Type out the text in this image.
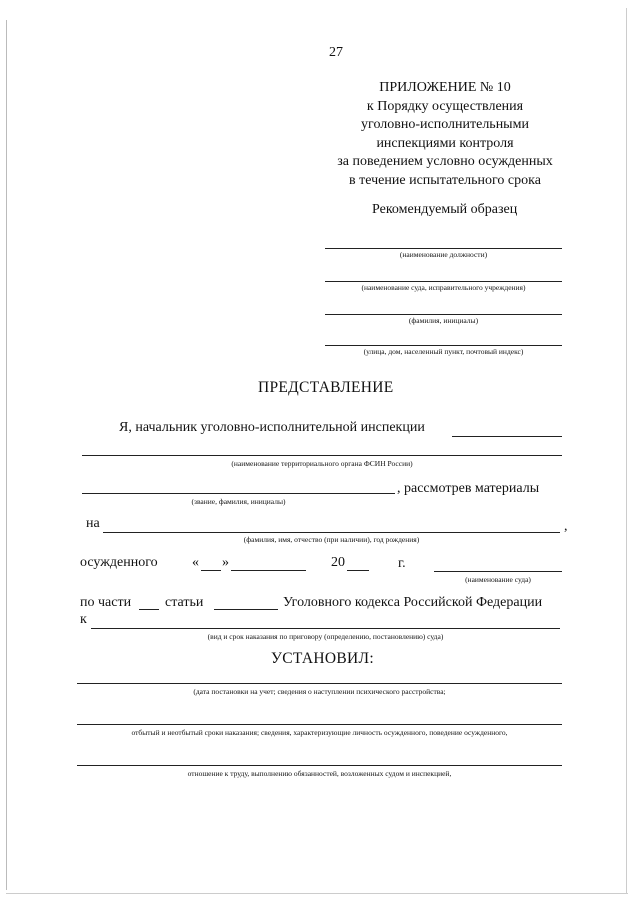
27
ПРИЛОЖЕНИЕ № 10
к Порядку осуществления
уголовно-исполнительными
инспекциями контроля
за поведением условно осужденных
в течение испытательного срока
Рекомендуемый образец
(наименование должности)
(наименование суда, исправительного учреждения)
(фамилия, инициалы)
(улица, дом, населенный пункт, почтовый индекс)
ПРЕДСТАВЛЕНИЕ
Я, начальник уголовно-исполнительной инспекции
(наименование территориального органа ФСИН России)
, рассмотрев материалы
(звание, фамилия, инициалы)
на	,
(фамилия, имя, отчество (при наличии), год рождения)
осужденного « »	20	г.
(наименование суда)
по части статьи	Уголовного кодекса Российской Федерации
к
(вид и срок наказания по приговору (определению, постановлению) суда)
УСТАНОВИЛ:
(дата постановки на учет; сведения о наступлении психического расстройства;
отбытый и неотбытый сроки наказания; сведения, характеризующие личность осужденного, поведение осужденного,
отношение к труду, выполнению обязанностей, возложенных судом и инспекцией,
